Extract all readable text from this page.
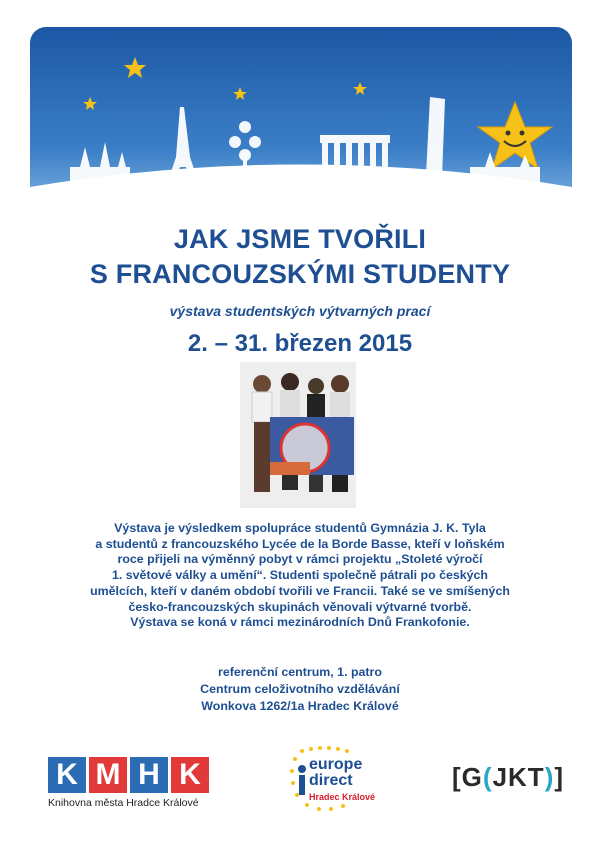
JAK JSME TVOŘILI
S FRANCOUZSKÝMI STUDENTY
výstava studentských výtvarných prací
2. – 31. březen 2015
Výstava je výsledkem spolupráce studentů Gymnázia J. K. Tyla
a studentů z francouzského Lycée de la Borde Basse, kteří v loňském
roce přijeli na výměnný pobyt v rámci projektu „Stoleté výročí
1. světové války a umění“. Studenti společně pátrali po českých
umělcích, kteří v daném období tvořili ve Francii. Také se ve smíšených
česko-francouzských skupinách věnovali výtvarné tvorbě.
Výstava se koná v rámci mezinárodních Dnů Frankofonie.
referenční centrum, 1. patro
Centrum celoživotního vzdělávání
Wonkova 1262/1a Hradec Králové
K M H K
Knihovna města Hradce Králové
europe
direct
Hradec Králové
[G(JKT)]
